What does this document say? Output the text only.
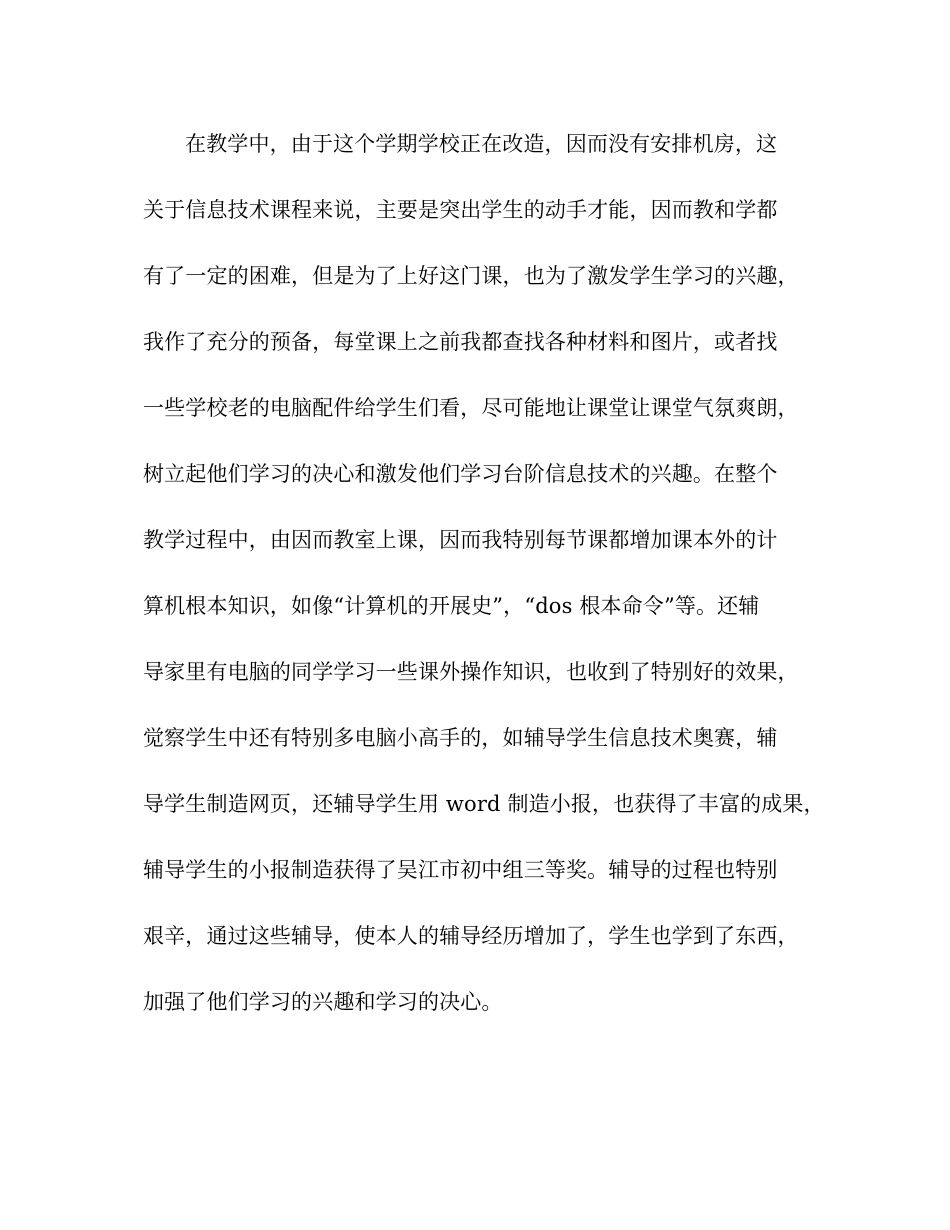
在教学中，由于这个学期学校正在改造，因而没有安排机房，这
关于信息技术课程来说，主要是突出学生的动手才能，因而教和学都
有了一定的困难，但是为了上好这门课，也为了激发学生学习的兴趣，
我作了充分的预备，每堂课上之前我都查找各种材料和图片，或者找
一些学校老的电脑配件给学生们看，尽可能地让课堂让课堂气氛爽朗，
树立起他们学习的决心和激发他们学习台阶信息技术的兴趣。在整个
教学过程中，由因而教室上课，因而我特别每节课都增加课本外的计
算机根本知识，如像“计算机的开展史”，“dos 根本命令”等。还辅
导家里有电脑的同学学习一些课外操作知识，也收到了特别好的效果，
觉察学生中还有特别多电脑小高手的，如辅导学生信息技术奥赛，辅
导学生制造网页，还辅导学生用 word 制造小报，也获得了丰富的成果，
辅导学生的小报制造获得了吴江市初中组三等奖。辅导的过程也特别
艰辛，通过这些辅导，使本人的辅导经历增加了，学生也学到了东西，
加强了他们学习的兴趣和学习的决心。
